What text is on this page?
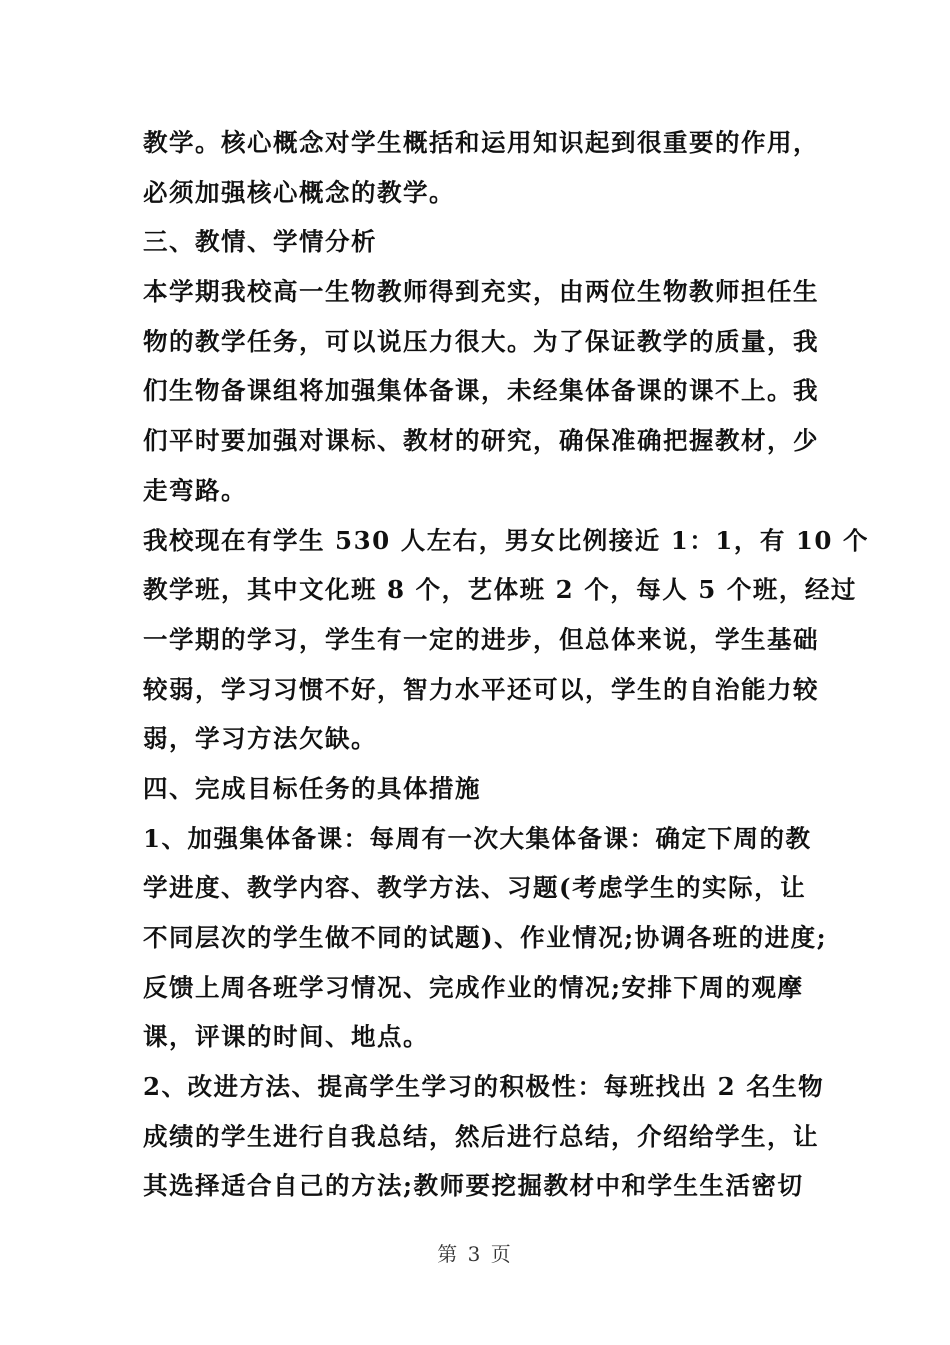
教学。核心概念对学生概括和运用知识起到很重要的作用，
必须加强核心概念的教学。
三、教情、学情分析
本学期我校高一生物教师得到充实，由两位生物教师担任生
物的教学任务，可以说压力很大。为了保证教学的质量，我
们生物备课组将加强集体备课，未经集体备课的课不上。我
们平时要加强对课标、教材的研究，确保准确把握教材，少
走弯路。
我校现在有学生 530 人左右，男女比例接近 1：1，有 10 个
教学班，其中文化班 8 个，艺体班 2 个，每人 5 个班，经过
一学期的学习，学生有一定的进步，但总体来说，学生基础
较弱，学习习惯不好，智力水平还可以，学生的自治能力较
弱，学习方法欠缺。
四、完成目标任务的具体措施
1、加强集体备课：每周有一次大集体备课：确定下周的教
学进度、教学内容、教学方法、习题(考虑学生的实际，让
不同层次的学生做不同的试题)、作业情况;协调各班的进度;
反馈上周各班学习情况、完成作业的情况;安排下周的观摩
课，评课的时间、地点。
2、改进方法、提高学生学习的积极性：每班找出 2 名生物
成绩的学生进行自我总结，然后进行总结，介绍给学生，让
其选择适合自己的方法;教师要挖掘教材中和学生生活密切
第 3 页
